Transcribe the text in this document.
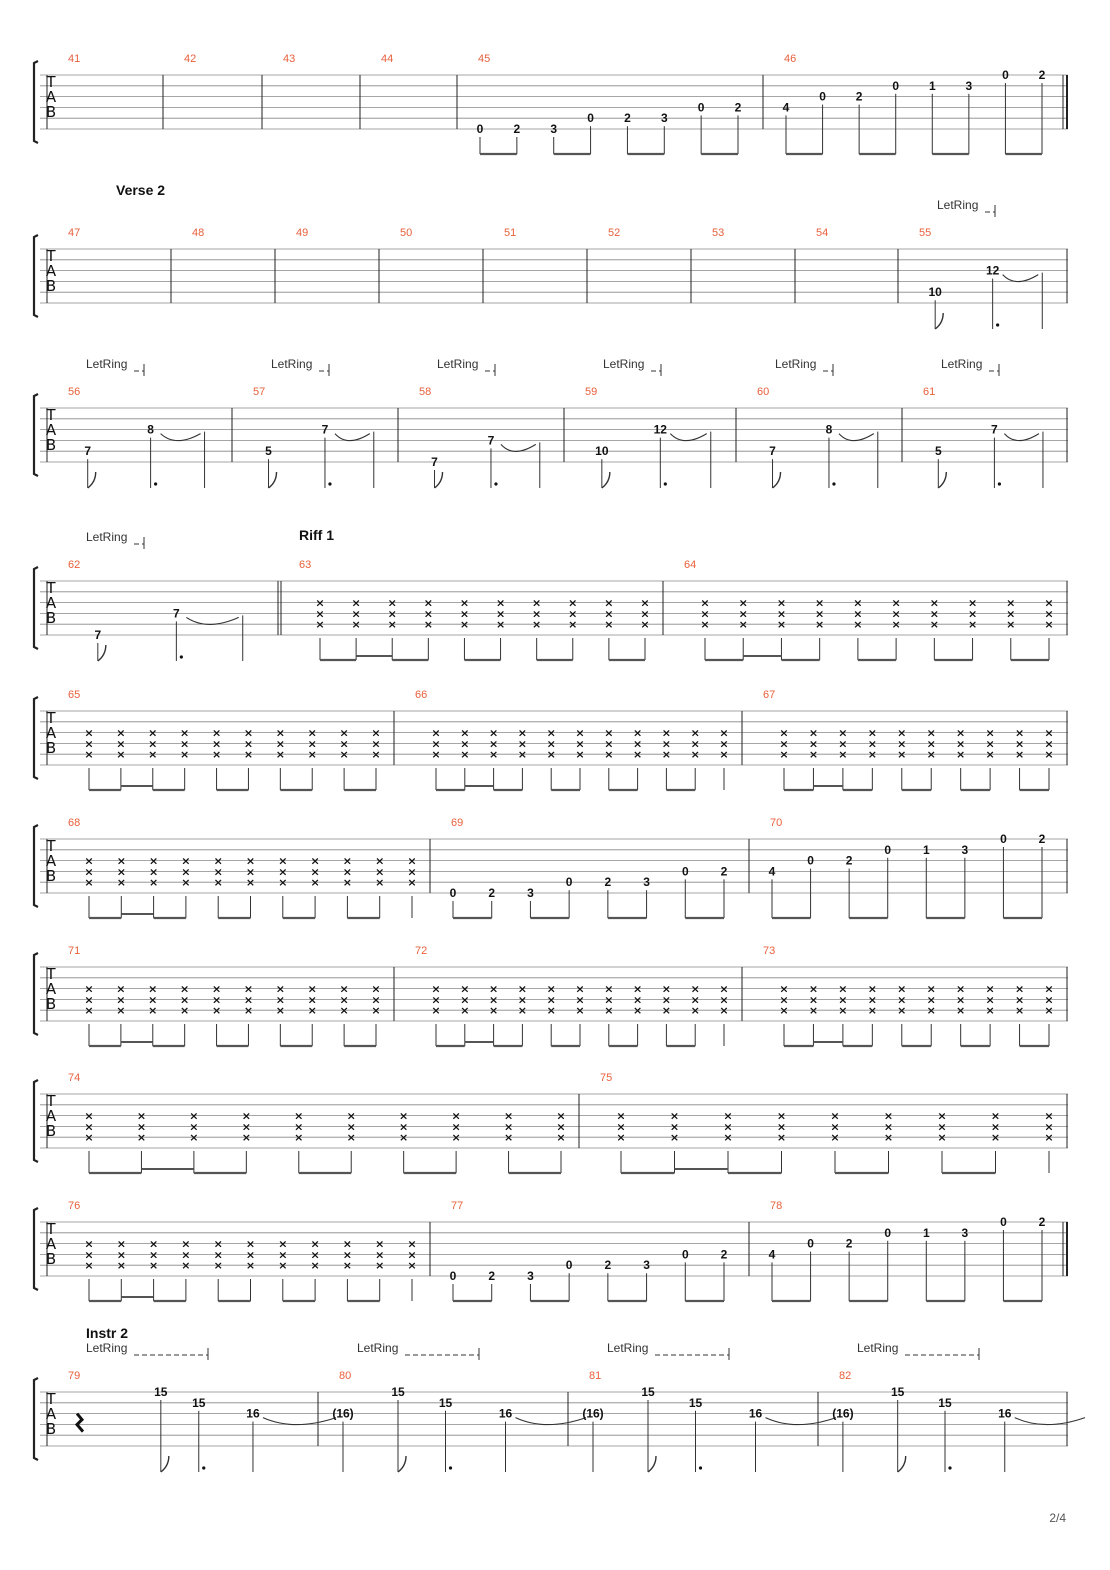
2/4
T
A
B
41	42	43	44	45
0	2	3
0	2	3
0	2
46
4
0 2
0 1 3
0 2
T
A
B
Verse 2
47	48	49	50	51	52	53	54	55
LetRing
10
12
T
A
B
56
LetRing
7
8
57
LetRing
5
7
58
LetRing
7
7
59
LetRing
10
12
60
LetRing
7
8
61
LetRing
5
7
T
A
B
Riff 1
62
LetRing
7
7
63
×
×
×
×
×
×
×
×
×
×
×
×
×
×
×
×
×
×
×
×
×
×
×
×
×
×
×
×
×
×
64
×
×
×
×
×
×
×
×
×
×
×
×
×
×
×
×
×
×
×
×
×
×
×
×
×
×
×
×
×
×
T
A
B
65
×
×
×
×
×
×
×
×
×
×
×
×
×
×
×
×
×
×
×
×
×
×
×
×
×
×
×
×
×
×
66
×
×
×
×
×
×
×
×
×
×
×
×
×
×
×
×
×
×
×
×
×
×
×
×
×
×
×
×
×
×
×
×
×
67
×
×
×
×
×
×
×
×
×
×
×
×
×
×
×
×
×
×
×
×
×
×
×
×
×
×
×
×
×
×
T
A
B
68
×
×
×
×
×
×
×
×
×
×
×
×
×
×
×
×
×
×
×
×
×
×
×
×
×
×
×
×
×
×
×
×
×
69
0	2	3
0	2	3
0	2
70
4
0	2
0	1	3
0	2
T
A
B
71
×
×
×
×
×
×
×
×
×
×
×
×
×
×
×
×
×
×
×
×
×
×
×
×
×
×
×
×
×
×
72
×
×
×
×
×
×
×
×
×
×
×
×
×
×
×
×
×
×
×
×
×
×
×
×
×
×
×
×
×
×
×
×
×
73
×
×
×
×
×
×
×
×
×
×
×
×
×
×
×
×
×
×
×
×
×
×
×
×
×
×
×
×
×
×
T
A
B
74
×
×
×
×
×
×
×
×
×
×
×
×
×
×
×
×
×
×
×
×
×
×
×
×
×
×
×
×
×
×
75
×
×
×
×
×
×
×
×
×
×
×
×
×
×
×
×
×
×
×
×
×
×
×
×
×
×
×
T
A
B
76
×
×
×
×
×
×
×
×
×
×
×
×
×
×
×
×
×
×
×
×
×
×
×
×
×
×
×
×
×
×
×
×
×
77
0	2	3
0	2	3
0	2
78
4
0	2
0	1	3
0	2
T
A
B
Instr 2
79
LetRing
15
15
16
80
LetRing
(16)
15
15
16
81
LetRing
(16)
15
15
16
82
LetRing
(16)
15
15
16
